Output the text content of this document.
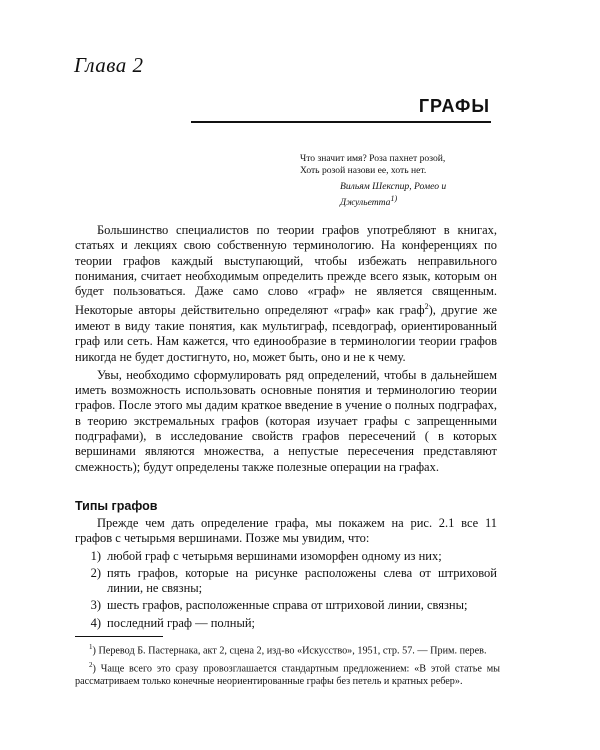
Глава 2
ГРАФЫ
Что значит имя? Роза пахнет розой,
Хоть розой назови ее, хоть нет.
Вильям Шекспир, Ромео и
Джульетта$^{1)}$

Большинство специалистов по теории графов употребляют в книгах, статьях и лекциях свою собственную терминологию. На конференциях по теории графов каждый выступающий, чтобы избежать неправильного понимания, считает необходимым определить прежде всего язык, которым он будет пользоваться. Даже само слово «граф» не является священным. Некоторые авторы действительно определяют «граф» как граф$^2$), другие же имеют в виду такие понятия, как мультиграф, псевдограф, ориентированный граф или сеть. Нам кажется, что единообразие в терминологии теории графов никогда не будет достигнуто, но, может быть, оно и не к чему.

Увы, необходимо сформулировать ряд определений, чтобы в дальнейшем иметь возможность использовать основные понятия и терминологию теории графов. После этого мы дадим краткое введение в учение о полных подграфах, в теорию экстремальных графов (которая изучает графы с запрещенными подграфами), в исследование свойств графов пересечений ( в которых вершинами являются множества, а непустые пересечения представляют смежность); будут определены также полезные операции на графах.

Типы графов

Прежде чем дать определение графа, мы покажем на рис. 2.1 все 11 графов с четырьмя вершинами. Позже мы увидим, что:

1) любой граф с четырьмя вершинами изоморфен одному из них;
2) пять графов, которые на рисунке расположены слева от штриховой линии, не связны;
3) шесть графов, расположенные справа от штриховой линии, связны;
4) последний граф — полный;

$^1$) Перевод Б. Пастернака, акт 2, сцена 2, изд-во «Искусство», 1951, стр. 57. — Прим. перев.

$^2$) Чаще всего это сразу провозглашается стандартным предложением: «В этой статье мы рассматриваем только конечные неориентированные графы без петель и кратных ребер».
